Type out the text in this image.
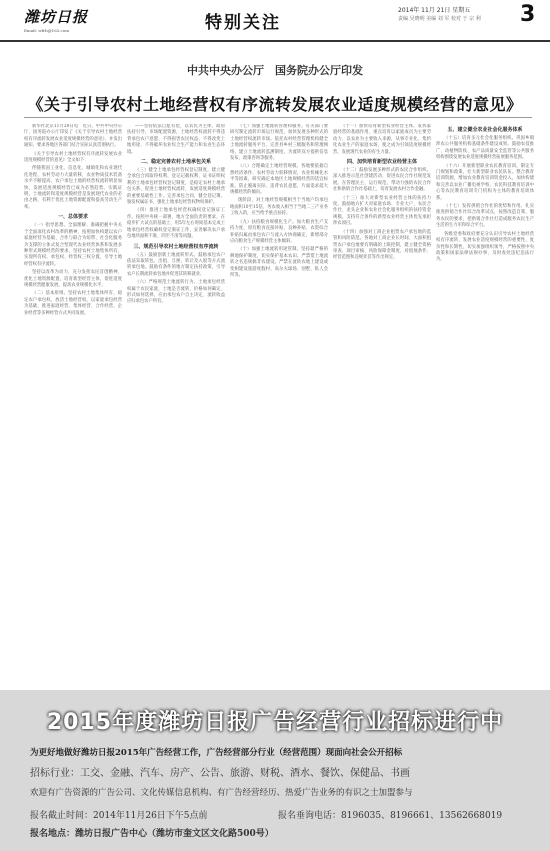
潍坊日报
Email: wfrb@163.com	特别关注
2014年 11月 21日 星期五
责编 吴晓明 美编 刘 军 校对 于 宗 利 3
中共中央办公厅　国务院办公厅印发
《关于引导农村土地经营权有序流转发展农业适度规模经营的意见》

新华社北京11月20日电　近日，中共中央办公厅、国务院办公厅印发了《关于引导农村土地经营权有序流转发展农业适度规模经营的意见》，并发出通知，要求各地区各部门结合实际认真贯彻执行。

《关于引导农村土地经营权有序流转发展农业适度规模经营的意见》全文如下：

伴随我国工业化、信息化、城镇化和农业现代化进程，农村劳动力大量转移，农业物质技术装备水平不断提高，农户承包土地的经营权流转明显加快，发展适度规模经营已成为必然趋势。实践证明，土地流转和适度规模经营是发展现代农业的必由之路，有利于优化土地资源配置和提高劳动生产率。

一、总体要求

（一）指导思想。全面理解、准确把握中央关于全面深化农村改革的精神，按照加快构建以农户家庭经营为基础、合作与联合为纽带、社会化服务为支撑的立体式复合型现代农业经营体系和发展多种形式规模经营的要求，坚持农村土地集体所有，实现所有权、承包权、经营权三权分置，引导土地经营权有序流转。

坚持以改革为动力，充分发挥农民首创精神，优化土地资源配置，培育新型经营主体，促进适度规模经营健康发展，提高农业规模化水平。

（二）基本原则。坚持农村土地集体所有，稳定农户承包权，放活土地经营权，以家庭承包经营为基础，推进家庭经营、集体经营、合作经营、企业经营等多种经营方式共同发展。

——坚持依法自愿有偿，以农民为主体，政府扶持引导，市场配置资源，土地经营权流转不得违背承包农户意愿、不得损害农民权益、不得改变土地用途、不得破坏农业综合生产能力和农业生态环境。

二、稳定完善农村土地承包关系

（三）健全土地承包经营权登记制度。建立健全承包合同取得权利、登记记载权利、证书证明权利的土地承包经营权登记制度，是稳定农村土地承包关系、促进土地经营权流转、发展适度规模经营的重要基础性工作。完善承包合同，健全登记簿，颁发权属证书，强化土地承包经营权物权保护。

（四）推进土地承包经营权确权登记颁证工作。按照中央统一部署、地方全面负责的要求，在稳步扩大试点的基础上，用5年左右时间基本完成土地承包经营权确权登记颁证工作，妥善解决农户承包地块面积不准、四至不清等问题。

三、规范引导农村土地经营权有序流转

（五）鼓励创新土地流转形式。鼓励承包农户依法采取转包、出租、互换、转让及入股等方式流转承包地。鼓励有条件的地方制定扶持政策，引导农户长期流转承包地并促进其转移就业。

（六）严格规范土地流转行为。土地承包经营权属于农民家庭，土地是否流转、价格如何确定、形式如何选择，应由承包农户自主决定，流转收益应归承包农户所有。

（七）加强土地流转管理和服务。有关部门要研究制定流转市场运行规范，加快发展多种形式的土地经营权流转市场。依托农村经营管理机构健全土地流转服务平台，完善县乡村三级服务和管理网络，建立土地流转监测制度，为流转双方提供信息发布、政策咨询等服务。

（八）合理确定土地经营规模。各地要依据自然经济条件、农村劳动力转移情况、农业机械化水平等因素，研究确定本地区土地规模经营的适宜标准。防止脱离实际、违背农民意愿，片面追求超大规模经营的倾向。

现阶段，对土地经营规模相当于当地户均承包地面积10至15倍、务农收入相当于当地二三产业务工收入的，应当给予重点扶持。

（九）扶持粮食规模化生产。加大粮食生产支持力度，原有粮食直接补贴、良种补贴、农资综合补贴归属由承包农户与流入方协商确定，新增部分应向粮食生产规模经营主体倾斜。

（十）加强土地流转用途管制。坚持最严格的耕地保护制度，切实保护基本农田。严禁借土地流转之名违规搞非农建设。严禁在流转农地上建设或变相建设旅游度假村、高尔夫球场、别墅、私人会所等。

（十一）加快培育新型农业经营主体。发挥家庭经营的基础作用，重点培育以家庭成员为主要劳动力、以农业为主要收入来源，从事专业化、集约化农业生产的家庭农场，使之成为引领适度规模经营、发展现代农业的有生力量。

四、加快培育新型农业经营主体

（十二）鼓励发展多种形式的农民合作组织。深入推进示范社创建活动，促进农民合作社规范发展。在管理民主、运行规范、带动力强的农民合作社和供销合作社基础上，培育发展农村合作金融。

（十三）加大对新型农业经营主体的扶持力度。鼓励地方扩大对家庭农场、专业大户、农民合作社、龙头企业和农业社会化服务组织的扶持资金规模。支持符合条件的新型农业经营主体优先承担涉农项目。

（十四）加强对工商企业租赁农户承包地的监管和风险防范。各地对工商企业长时间、大面积租赁农户承包地要有明确的上限控制，建立健全资格审查、项目审核、风险保障金制度，对租地条件、经营范围和违规处罚等作出规定。

五、建立健全农业社会化服务体系

（十五）培育多元社会化服务组织。巩固乡镇涉农公共服务机构基础条件建设成果。鼓励农技推广、动植物防疫、农产品质量安全监管等公共服务机构围绕发展农业适度规模经营拓展服务范围。

（十六）开展新型职业农民教育培训。制定专门规划和政策，壮大新型职业农民队伍。整合教育培训资源，增加农业教育培训资金投入，加快构建和完善以农业广播电视学校、农民科技教育培训中心等农民教育培训专门机构为主体的教育培训体系。

（十七）发挥供销合作社的优势和作用。扎实推进供销合作社综合改革试点，按照改造自我、服务农民的要求，把供销合作社打造成服务农民生产生活的生力军和综合平台。

各级党委和政府要充分认识引导农村土地经营权有序流转、发展农业适度规模经营的重要性、复杂性和长期性，切实加强组织领导，严格按照中央政策和国家法律法规办事，及时查处违纪违法行为。

2015年度潍坊日报广告经营行业招标进行中
为更好地做好潍坊日报2015年广告经营工作，广告经营部分行业（经营范围）现面向社会公开招标
招标行业：工交、金融、汽车、房产、公告、旅游、财税、酒水、餐饮、保健品、书画
欢迎有广告资源的广告公司、文化传媒信息机构、有广告经营经历、热爱广告业务的有识之士加盟参与
报名截止时间：2014年11月26日下午5点前	报名垂询电话：8196035、8196661、13562668019
报名地点：潍坊日报广告中心（潍坊市奎文区文化路500号）
